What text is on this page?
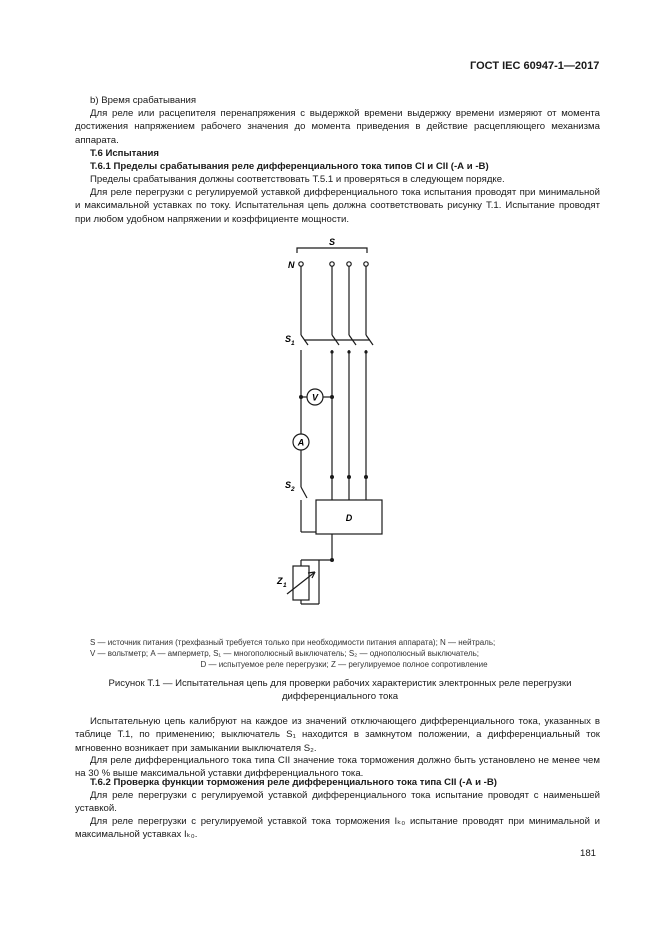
ГОСТ IEC 60947-1—2017
b) Время срабатывания
Для реле или расцепителя перенапряжения с выдержкой времени выдержку времени измеряют от момента достижения напряжением рабочего значения до момента приведения в действие расцепляющего механизма аппарата.
Т.6 Испытания
Т.6.1 Пределы срабатывания реле дифференциального тока типов CI и CII (-А и -В)
Пределы срабатывания должны соответствовать Т.5.1 и проверяться в следующем порядке.
Для реле перегрузки с регулируемой уставкой дифференциального тока испытания проводят при минимальной и максимальной уставках по току. Испытательная цепь должна соответствовать рисунку Т.1. Испытание проводят при любом удобном напряжении и коэффициенте мощности.
V
A
S
N
S 1
S 2
D
Z 1
S — источник питания (трехфазный требуется только при необходимости питания аппарата); N — нейтраль;
V — вольтметр; A — амперметр, S₁ — многополюсный выключатель; S₂ — однополюсный выключатель;
D — испытуемое реле перегрузки; Z — регулируемое полное сопротивление
Рисунок Т.1 — Испытательная цепь для проверки рабочих характеристик электронных реле перегрузки
дифференциального тока
Испытательную цепь калибруют на каждое из значений отключающего дифференциального тока, указанных в таблице Т.1, по применению; выключатель S₁ находится в замкнутом положении, а дифференциальный ток мгновенно возникает при замыкании выключателя S₂.
Для реле дифференциального тока типа CII значение тока торможения должно быть установлено не менее чем на 30 % выше максимальной уставки дифференциального тока.
Т.6.2 Проверка функции торможения реле дифференциального тока типа CII (-А и -В)
Для реле перегрузки с регулируемой уставкой дифференциального тока испытание проводят с наименьшей уставкой.
Для реле перегрузки с регулируемой уставкой тока торможения Iₖ₀ испытание проводят при минимальной и максимальной уставках Iₖ₀.
181
